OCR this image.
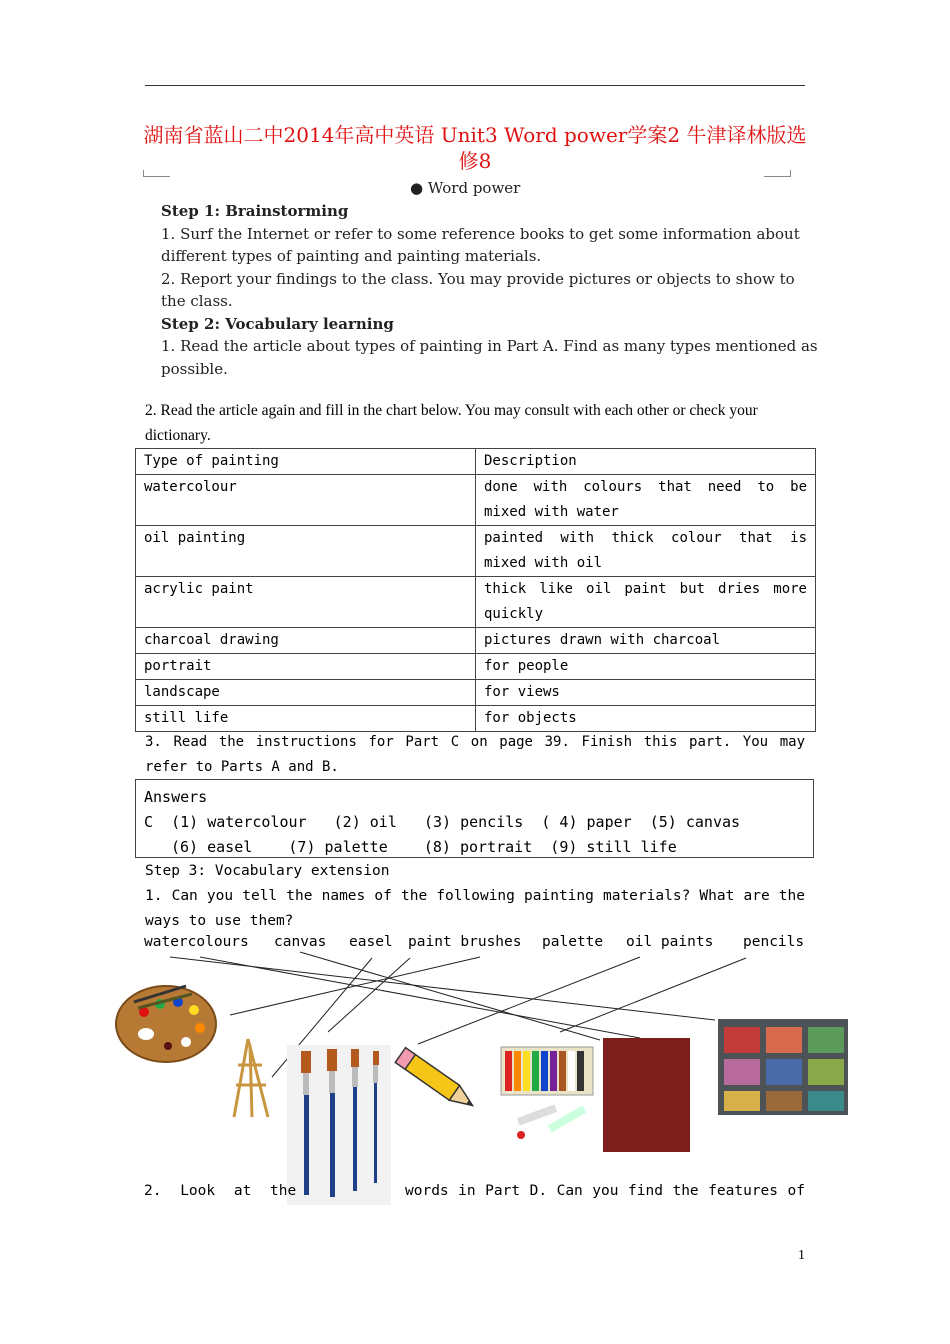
湖南省蓝山二中2014年高中英语 Unit3 Word power学案2 牛津译林版选修8
● Word power
Step 1: Brainstorming
1. Surf the Internet or refer to some reference books to get some information about
different types of painting and painting materials.
2. Report your findings to the class. You may provide pictures or objects to show to
the class.
Step 2: Vocabulary learning
1. Read the article about types of painting in Part A. Find as many types mentioned as
possible.
2. Read the article again and fill in the chart below. You may consult with each other or check your dictionary.
Type of painting	Description
watercolour	done with colours that need to be mixed with water
oil painting	painted with thick colour that is mixed with oil
acrylic paint	thick like oil paint but dries more quickly
charcoal drawing	pictures drawn with charcoal
portrait	for people
landscape	for views
still life	for objects
3. Read the instructions for Part C on page 39. Finish this part. You may refer to Parts A and B.
Answers
C  (1) watercolour   (2) oil   (3) pencils  ( 4) paper  (5) canvas
(6) easel    (7) palette    (8) portrait  (9) still life
Step 3: Vocabulary extension
1. Can you tell the names of the following painting materials? What are the ways to use them?
watercolours canvas easel paint brushes palette oil paints pencils
2. Look at the	words in Part D. Can you find the features of
1
